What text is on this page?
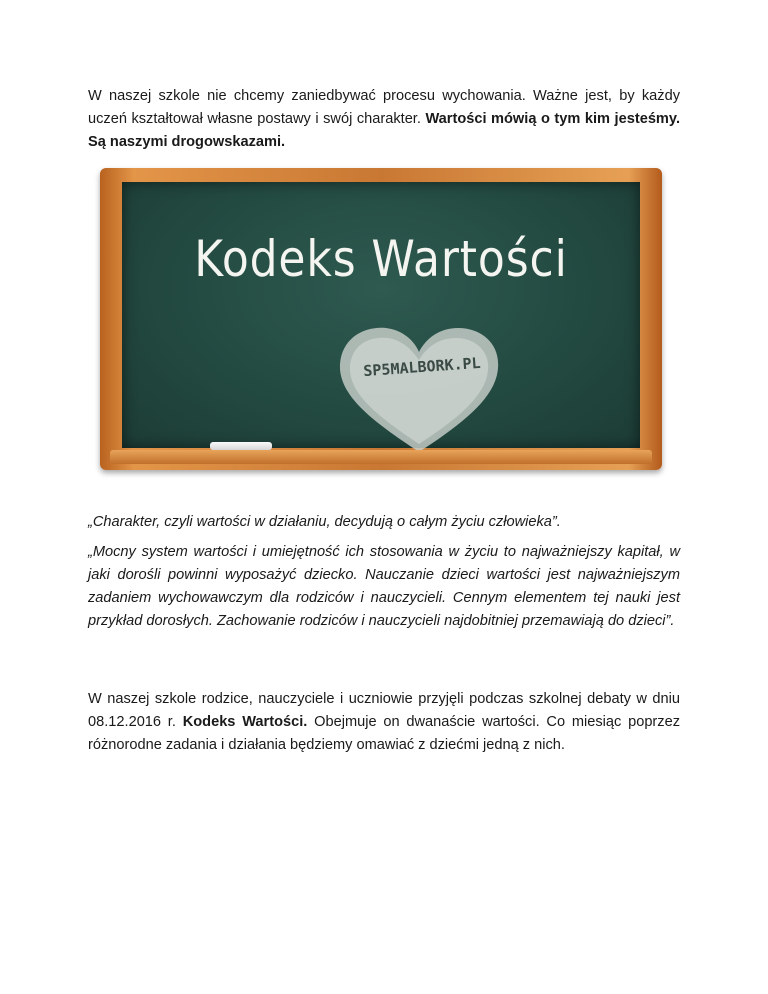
W naszej szkole nie chcemy zaniedbywać procesu wychowania. Ważne jest, by każdy uczeń kształtował własne postawy i swój charakter. Wartości mówią o tym kim jesteśmy. Są naszymi drogowskazami.

Kodeks Wartości
SP5MALBORK.PL

„Charakter, czyli wartości w działaniu, decydują o całym życiu człowieka”.

„Mocny system wartości i umiejętność ich stosowania w życiu to najważniejszy kapitał, w jaki dorośli powinni wyposażyć dziecko. Nauczanie dzieci wartości jest najważniejszym zadaniem wychowawczym dla rodziców i nauczycieli. Cennym elementem tej nauki jest przykład dorosłych. Zachowanie rodziców i nauczycieli najdobitniej przemawiają do dzieci”.

W naszej szkole rodzice, nauczyciele i uczniowie przyjęli podczas szkolnej debaty w dniu 08.12.2016 r. Kodeks Wartości. Obejmuje on dwanaście wartości. Co miesiąc poprzez różnorodne zadania i działania będziemy omawiać z dziećmi jedną z nich.
